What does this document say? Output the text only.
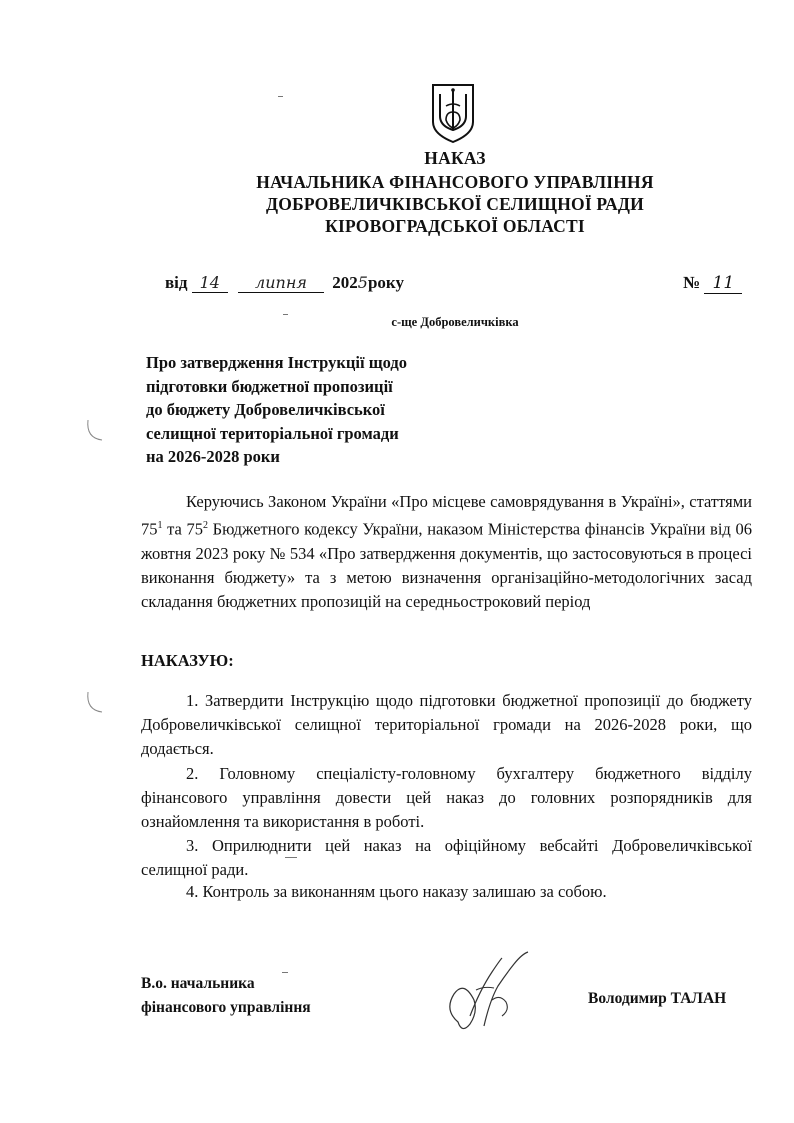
НАКАЗ
НАЧАЛЬНИКА ФІНАНСОВОГО УПРАВЛІННЯ
ДОБРОВЕЛИЧКІВСЬКОЇ СЕЛИЩНОЇ РАДИ
КІРОВОГРАДСЬКОЇ ОБЛАСТІ
від 14 липня 2025року	№ 11
с-ще Добровеличківка
Про затвердження Інструкції щодо
підготовки бюджетної пропозиції
до бюджету Добровеличківської
селищної територіальної громади
на 2026-2028 роки
Керуючись Законом України «Про місцеве самоврядування в Україні», статтями $75^1$ та $75^2$ Бюджетного кодексу України, наказом Міністерства фінансів України від 06 жовтня 2023 року № 534 «Про затвердження документів, що застосовуються в процесі виконання бюджету» та з метою визначення організаційно-методологічних засад складання бюджетних пропозицій на середньостроковий період
НАКАЗУЮ:
1. Затвердити Інструкцію щодо підготовки бюджетної пропозиції до бюджету Добровеличківської селищної територіальної громади на 2026-2028 роки, що додається.
2. Головному спеціалісту-головному бухгалтеру бюджетного відділу фінансового управління довести цей наказ до головних розпорядників для ознайомлення та використання в роботі.
3. Оприлюднити цей наказ на офіційному вебсайті Добровеличківської селищної ради.
4. Контроль за виконанням цього наказу залишаю за собою.
В.о. начальника
фінансового управління
Володимир ТАЛАН
